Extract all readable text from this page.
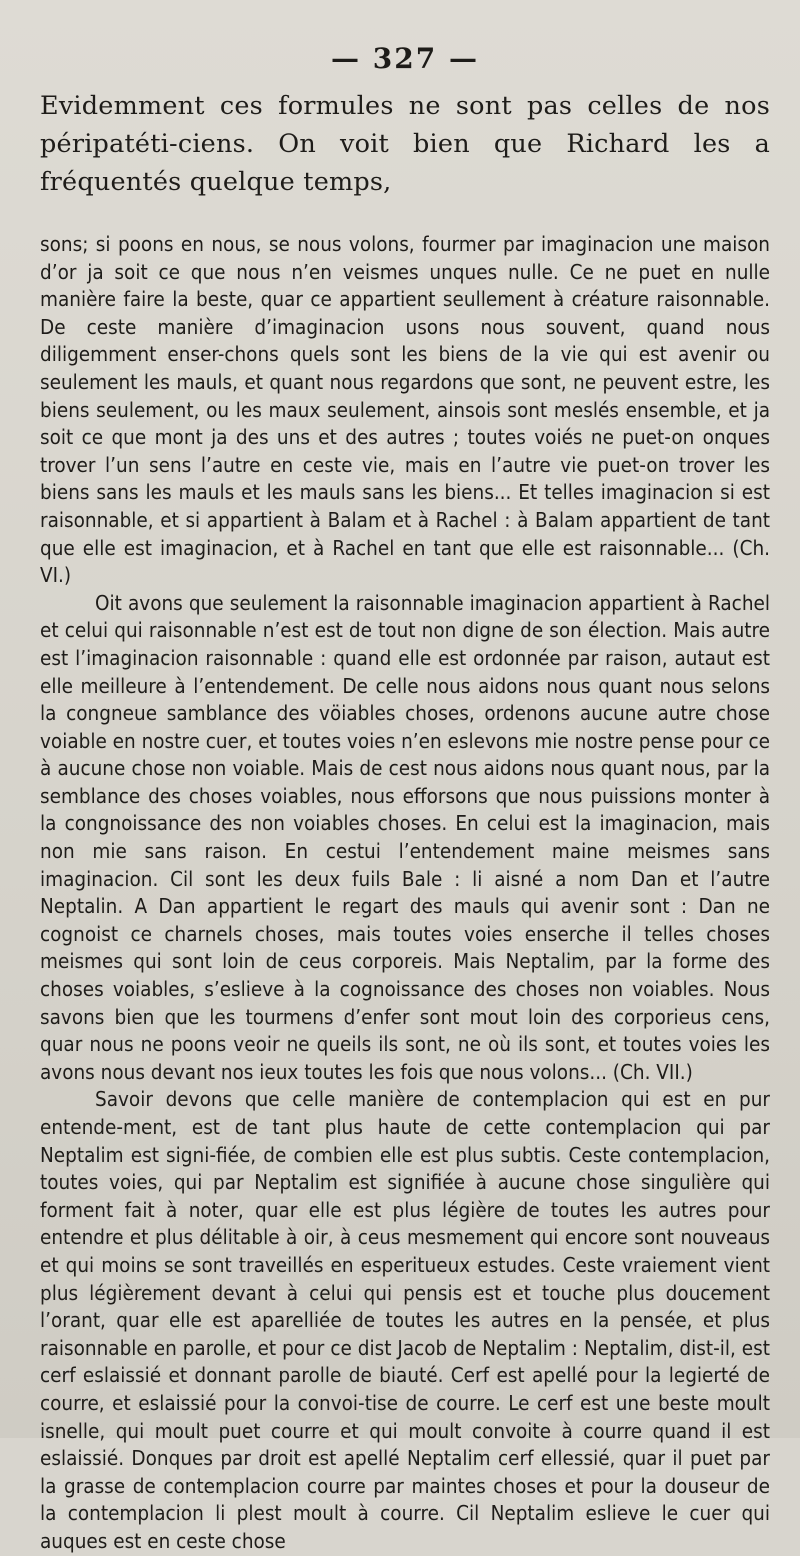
— 327 —
Evidemment ces formules ne sont pas celles de nos péripatéti-ciens. On voit bien que Richard les a fréquentés quelque temps,

sons; si poons en nous, se nous volons, fourmer par imaginacion une maison d’or ja soit ce que nous n’en veismes unques nulle. Ce ne puet en nulle manière faire la beste, quar ce appartient seullement à créature raisonnable. De ceste manière d’imaginacion usons nous souvent, quand nous diligemment enser-chons quels sont les biens de la vie qui est avenir ou seulement les mauls, et quant nous regardons que sont, ne peuvent estre, les biens seulement, ou les maux seulement, ainsois sont meslés ensemble, et ja soit ce que mont ja des uns et des autres ; toutes voiés ne puet-on onques trover l’un sens l’autre en ceste vie, mais en l’autre vie puet-on trover les biens sans les mauls et les mauls sans les biens... Et telles imaginacion si est raisonnable, et si appartient à Balam et à Rachel : à Balam appartient de tant que elle est imaginacion, et à Rachel en tant que elle est raisonnable... (Ch. VI.)

Oit avons que seulement la raisonnable imaginacion appartient à Rachel et celui qui raisonnable n’est est de tout non digne de son élection. Mais autre est l’imaginacion raisonnable : quand elle est ordonnée par raison, autaut est elle meilleure à l’entendement. De celle nous aidons nous quant nous selons la congneue samblance des vöiables choses, ordenons aucune autre chose voiable en nostre cuer, et toutes voies n’en eslevons mie nostre pense pour ce à aucune chose non voiable. Mais de cest nous aidons nous quant nous, par la semblance des choses voiables, nous efforsons que nous puissions monter à la congnoissance des non voiables choses. En celui est la imaginacion, mais non mie sans raison. En cestui l’entendement maine meismes sans imaginacion. Cil sont les deux fuils Bale : li aisné a nom Dan et l’autre Neptalin. A Dan appartient le regart des mauls qui avenir sont : Dan ne cognoist ce charnels choses, mais toutes voies enserche il telles choses meismes qui sont loin de ceus corporeis. Mais Neptalim, par la forme des choses voiables, s’eslieve à la cognoissance des choses non voiables. Nous savons bien que les tourmens d’enfer sont mout loin des corporieus cens, quar nous ne poons veoir ne queils ils sont, ne où ils sont, et toutes voies les avons nous devant nos ieux toutes les fois que nous volons... (Ch. VII.)

Savoir devons que celle manière de contemplacion qui est en pur entende-ment, est de tant plus haute de cette contemplacion qui par Neptalim est signi-fiée, de combien elle est plus subtis. Ceste contemplacion, toutes voies, qui par Neptalim est signifiée à aucune chose singulière qui forment fait à noter, quar elle est plus légière de toutes les autres pour entendre et plus délitable à oir, à ceus mesmement qui encore sont nouveaus et qui moins se sont traveillés en esperitueux estudes. Ceste vraiement vient plus légièrement devant à celui qui pensis est et touche plus doucement l’orant, quar elle est aparelliée de toutes les autres en la pensée, et plus raisonnable en parolle, et pour ce dist Jacob de Neptalim : Neptalim, dist-il, est cerf eslaissié et donnant parolle de biauté. Cerf est apellé pour la legierté de courre, et eslaissié pour la convoi-tise de courre. Le cerf est une beste moult isnelle, qui moult puet courre et qui moult convoite à courre quand il est eslaissié. Donques par droit est apellé Neptalim cerf ellessié, quar il puet par la grasse de contemplacion courre par maintes choses et pour la douseur de la contemplacion li plest moult à courre. Cil Neptalim eslieve le cuer qui auques est en ceste chose
